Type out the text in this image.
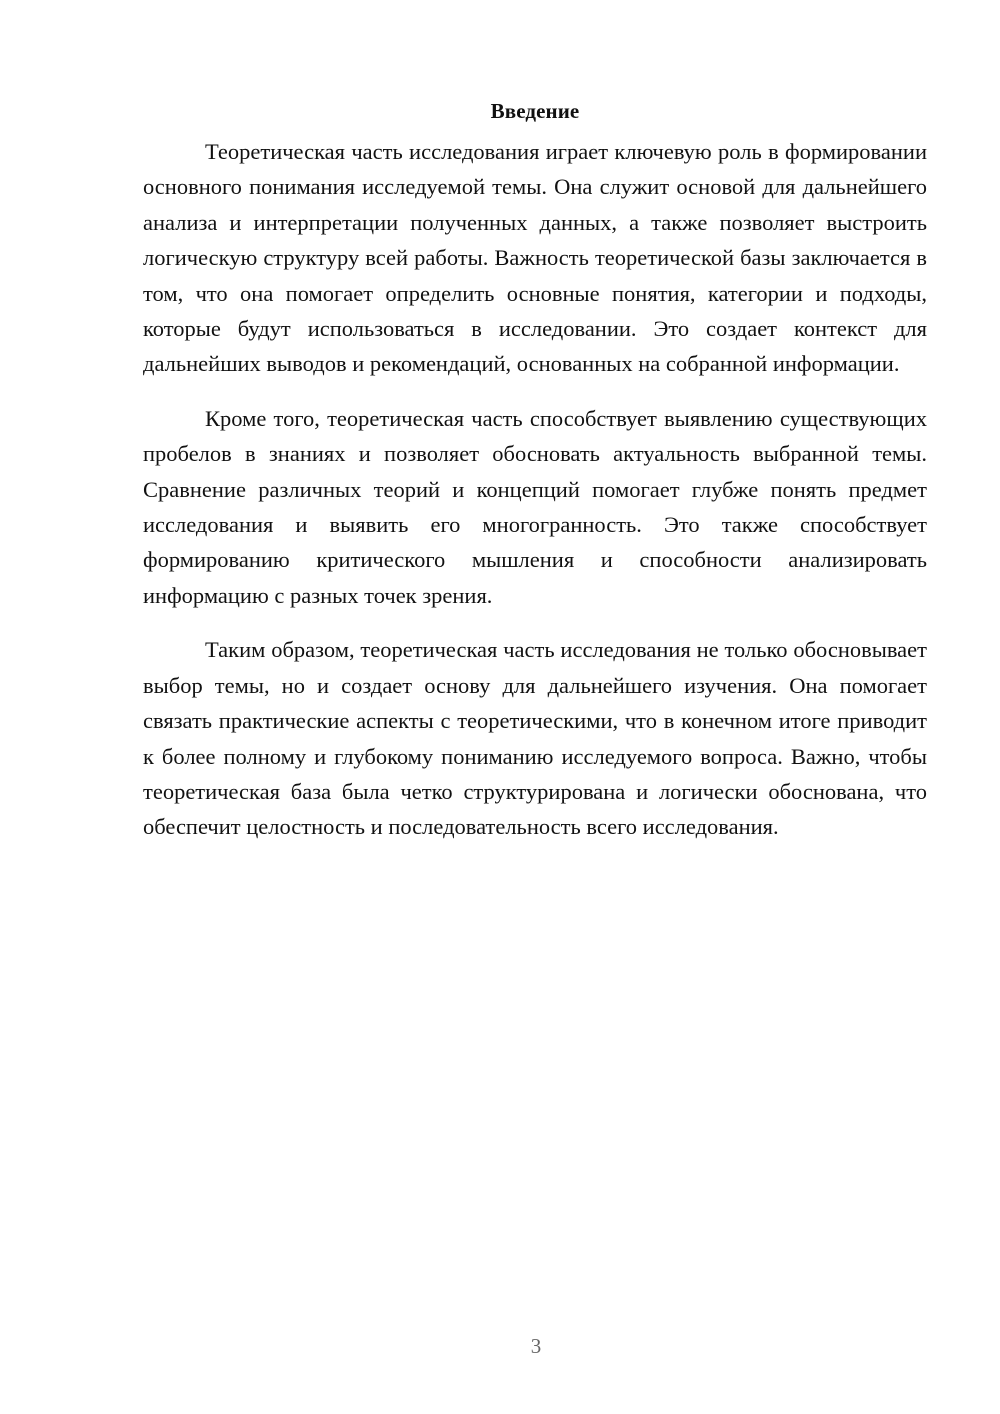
Введение

Теоретическая часть исследования играет ключевую роль в формировании основного понимания исследуемой темы. Она служит основой для дальнейшего анализа и интерпретации полученных данных, а также позволяет выстроить логическую структуру всей работы. Важность теоретической базы заключается в том, что она помогает определить основные понятия, категории и подходы, которые будут использоваться в исследовании. Это создает контекст для дальнейших выводов и рекомендаций, основанных на собранной информации.

Кроме того, теоретическая часть способствует выявлению существующих пробелов в знаниях и позволяет обосновать актуальность выбранной темы. Сравнение различных теорий и концепций помогает глубже понять предмет исследования и выявить его многогранность. Это также способствует формированию критического мышления и способности анализировать информацию с разных точек зрения.

Таким образом, теоретическая часть исследования не только обосновывает выбор темы, но и создает основу для дальнейшего изучения. Она помогает связать практические аспекты с теоретическими, что в конечном итоге приводит к более полному и глубокому пониманию исследуемого вопроса. Важно, чтобы теоретическая база была четко структурирована и логически обоснована, что обеспечит целостность и последовательность всего исследования.

3
